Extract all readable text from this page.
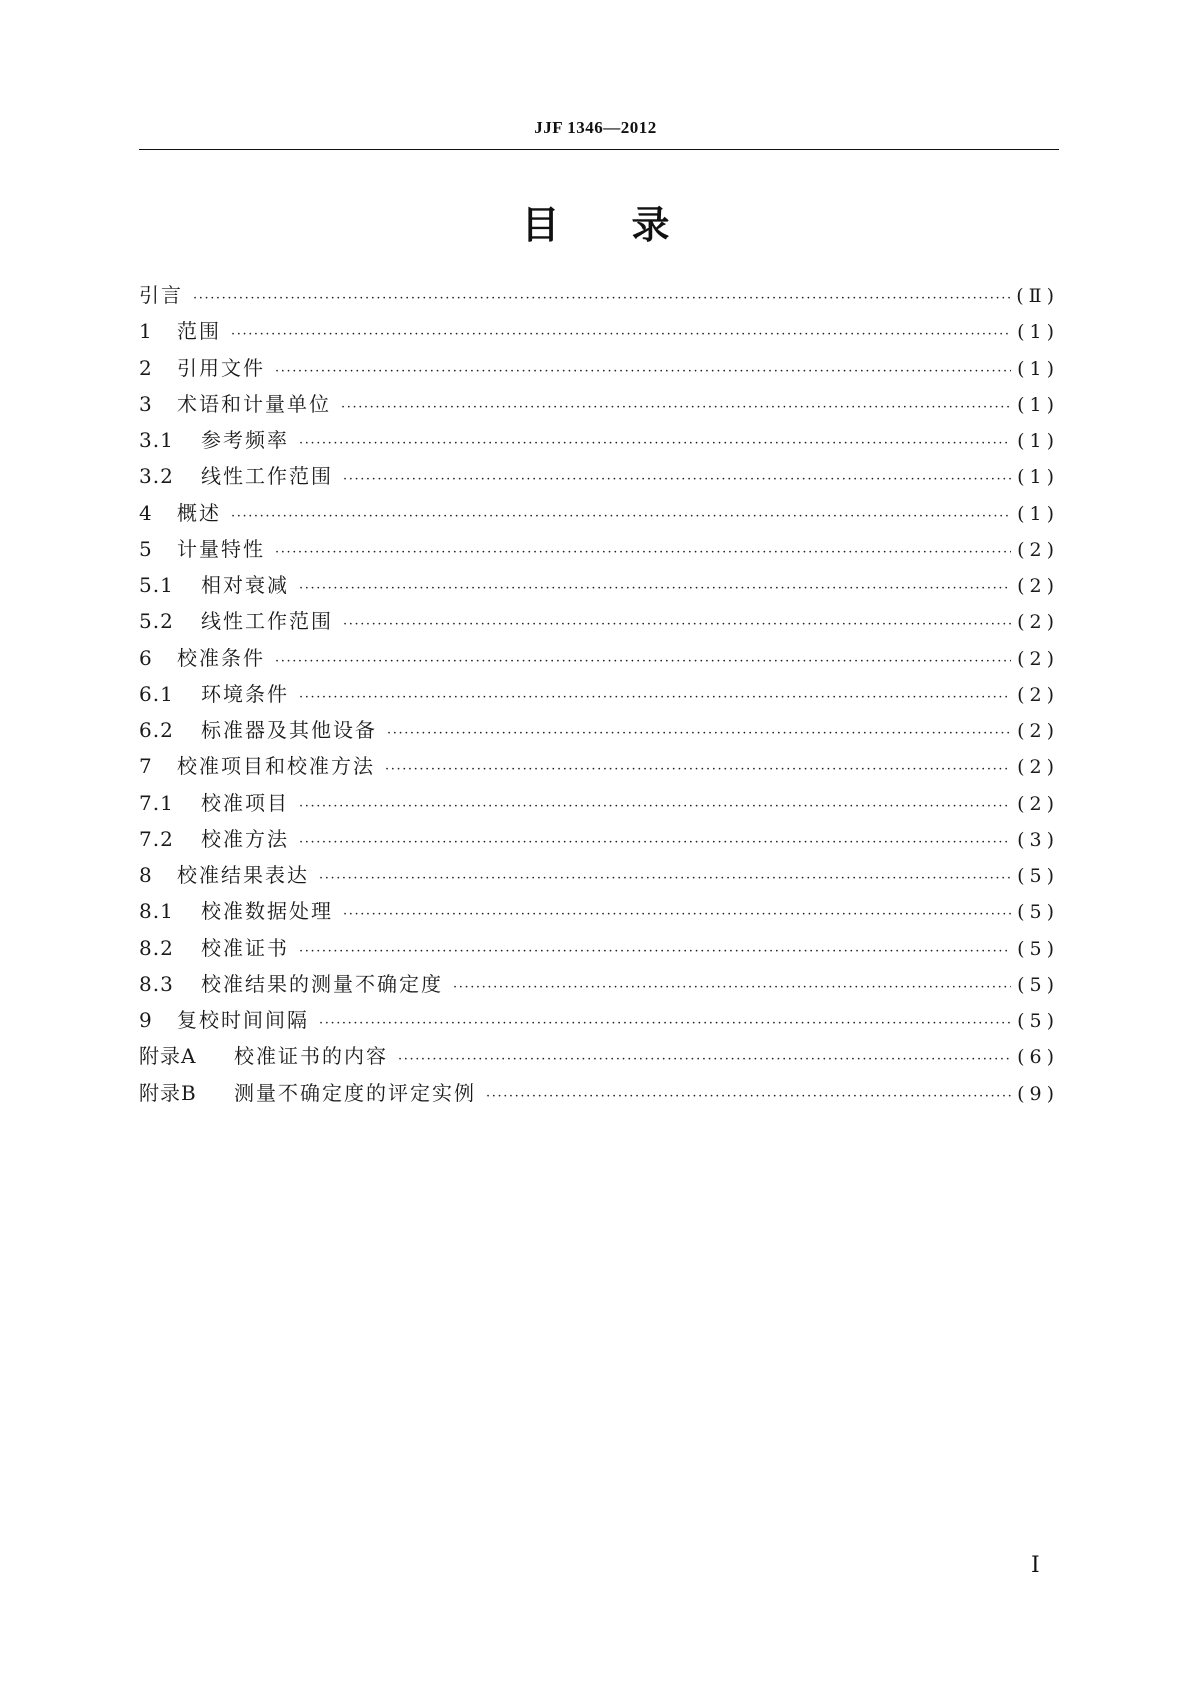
JJF 1346—2012
目录
引言 ·····	(Ⅱ)
1	范围 ·····	(1)
2	引用文件 ·····	(1)
3	术语和计量单位 ·····	(1)
3.1	参考频率 ·····	(1)
3.2	线性工作范围 ·····	(1)
4	概述 ·····	(1)
5	计量特性 ·····	(2)
5.1	相对衰减 ·····	(2)
5.2	线性工作范围 ·····	(2)
6	校准条件 ·····	(2)
6.1	环境条件 ·····	(2)
6.2	标准器及其他设备 ·····	(2)
7	校准项目和校准方法 ·····	(2)
7.1	校准项目 ·····	(2)
7.2	校准方法 ·····	(3)
8	校准结果表达 ·····	(5)
8.1	校准数据处理 ·····	(5)
8.2	校准证书 ·····	(5)
8.3	校准结果的测量不确定度 ·····	(5)
9	复校时间间隔 ·····	(5)
附录A	校准证书的内容 ·····	(6)
附录B	测量不确定度的评定实例 ·····	(9)
Ⅰ
